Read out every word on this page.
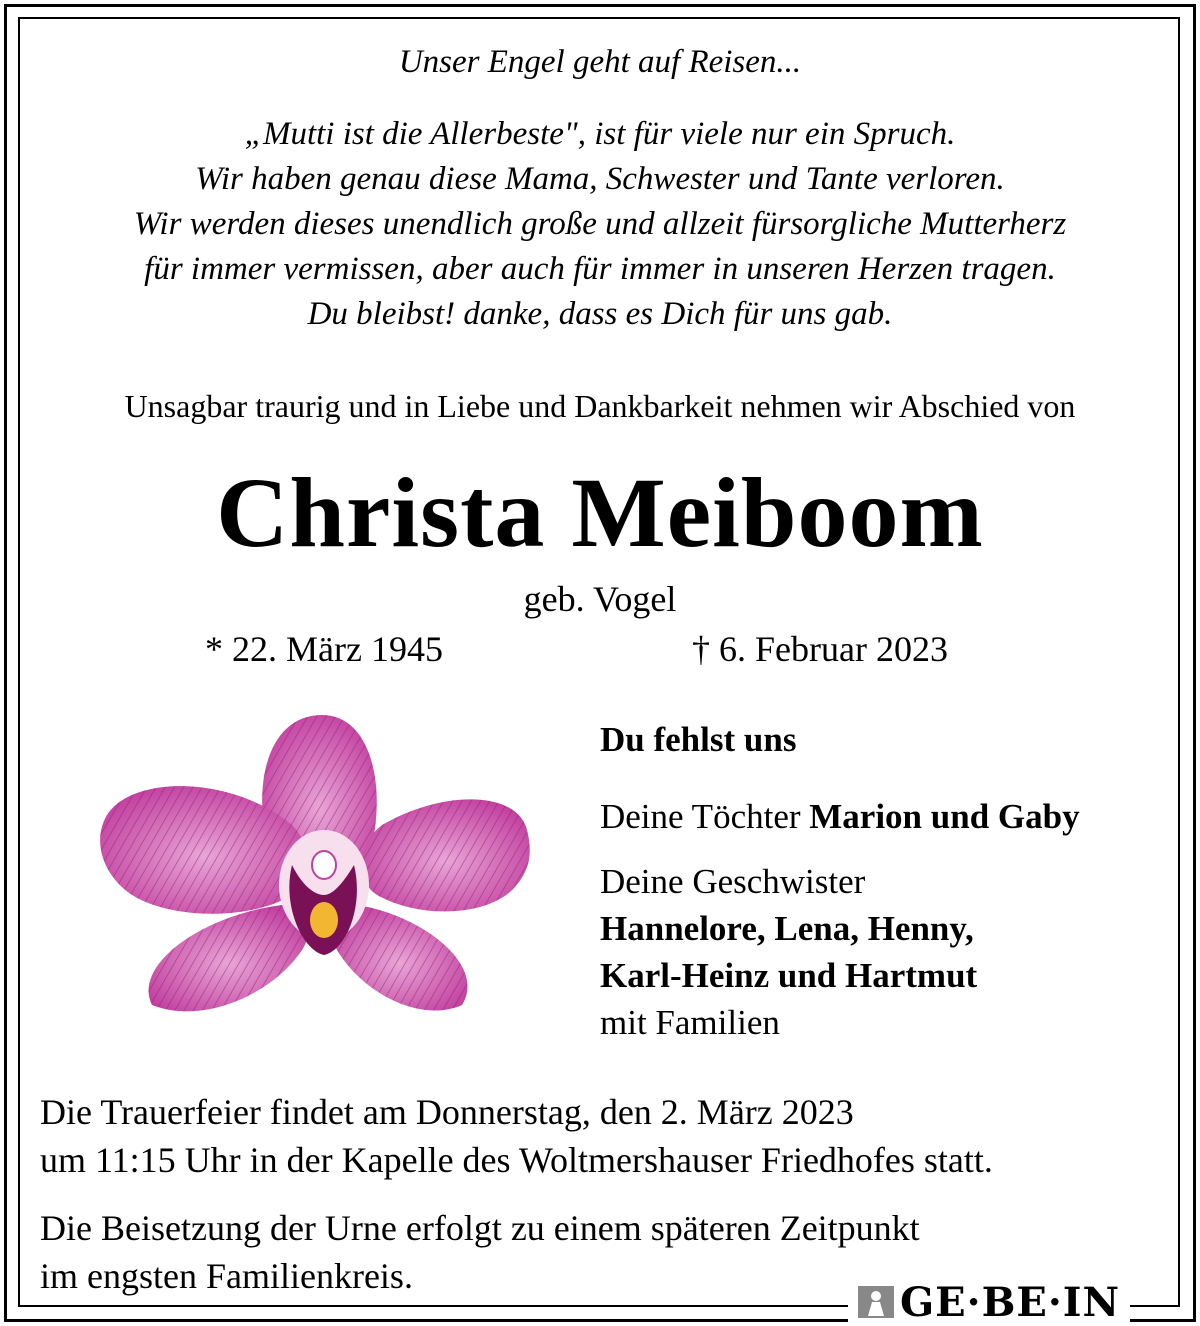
Unser Engel geht auf Reisen...
„Mutti ist die Allerbeste", ist für viele nur ein Spruch.
Wir haben genau diese Mama, Schwester und Tante verloren.
Wir werden dieses unendlich große und allzeit fürsorgliche Mutterherz
für immer vermissen, aber auch für immer in unseren Herzen tragen.
Du bleibst! danke, dass es Dich für uns gab.
Unsagbar traurig und in Liebe und Dankbarkeit nehmen wir Abschied von
Christa Meiboom
geb. Vogel
* 22. März 1945	† 6. Februar 2023
Du fehlst uns
Deine Töchter Marion und Gaby
Deine Geschwister
Hannelore, Lena, Henny,
Karl-Heinz und Hartmut
mit Familien
Die Trauerfeier findet am Donnerstag, den 2. März 2023
um 11:15 Uhr in der Kapelle des Woltmershauser Friedhofes statt.
Die Beisetzung der Urne erfolgt zu einem späteren Zeitpunkt
im engsten Familienkreis.
GE·BE·IN
